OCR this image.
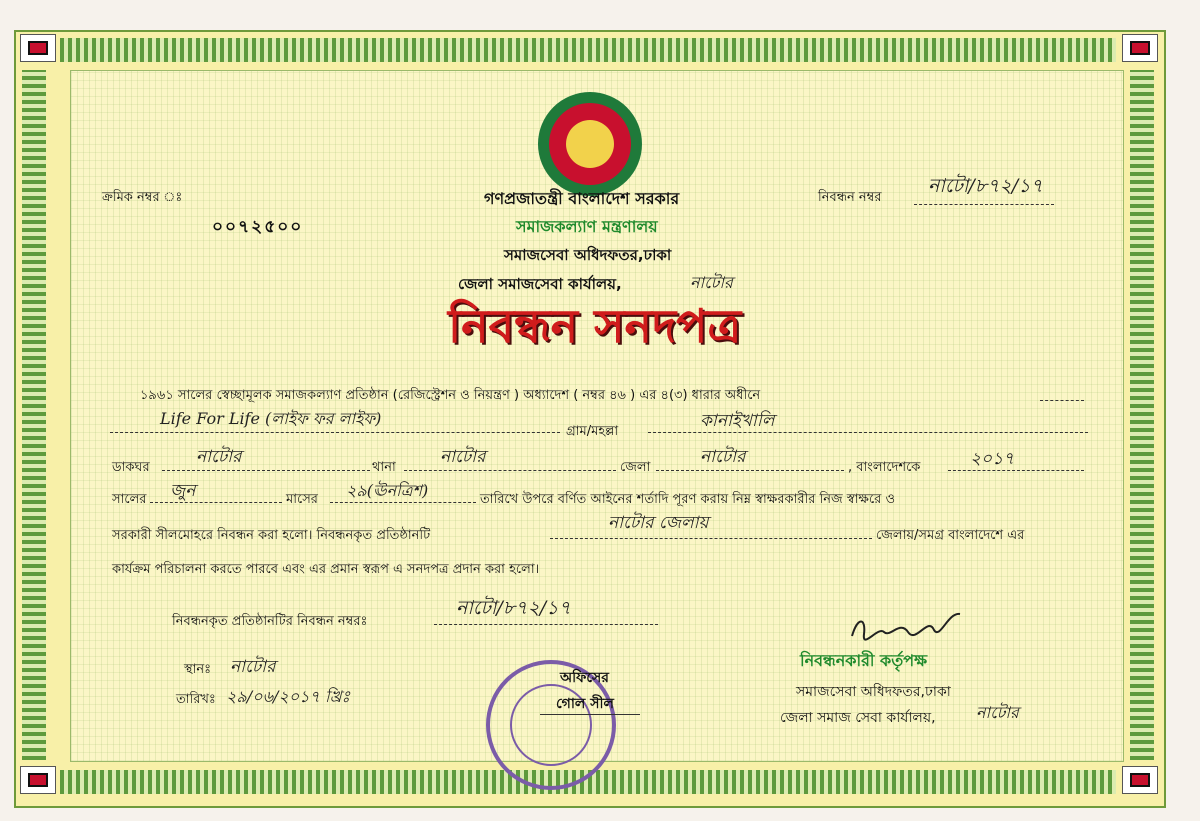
ক্রমিক নম্বর ঃ
০০৭২৫০০
নিবন্ধন নম্বর
নাটো/৮৭২/১৭
গণপ্রজাতন্ত্রী বাংলাদেশ সরকার
সমাজকল্যাণ মন্ত্রণালয়
সমাজসেবা অধিদফতর,ঢাকা
জেলা সমাজসেবা কার্যালয়,	নাটোর
নিবন্ধন সনদপত্র
১৯৬১ সালের স্বেচ্ছামূলক সমাজকল্যাণ প্রতিষ্ঠান (রেজিস্ট্রেশন ও নিয়ন্ত্রণ ) অধ্যাদেশ ( নম্বর ৪৬ ) এর ৪(৩) ধারার অধীনে
Life For Life (লাইফ ফর লাইফ)
গ্রাম/মহল্লা
কানাইখালি
ডাকঘর
নাটোর
থানা
নাটোর
জেলা
নাটোর
, বাংলাদেশকে	২০১৭
সালের জুন	মাসের ২৯(ঊনত্রিশ)	তারিখে উপরে বর্ণিত আইনের শর্তাদি পূরণ করায় নিম্ন স্বাক্ষরকারীর নিজ স্বাক্ষরে ও
সরকারী সীলমোহরে নিবন্ধন করা হলো। নিবন্ধনকৃত প্রতিষ্ঠানটি
নাটোর জেলায়
জেলায়/সমগ্র বাংলাদেশে এর
কার্যক্রম পরিচালনা করতে পারবে এবং এর প্রমান স্বরূপ এ সনদপত্র প্রদান করা হলো।
নিবন্ধনকৃত প্রতিষ্ঠানটির নিবন্ধন নম্বরঃ
নাটো/৮৭২/১৭
স্থানঃ নাটোর
তারিখঃ ২৯/০৬/২০১৭ খ্রিঃ
অফিসের
গোল সীল
নিবন্ধনকারী কর্তৃপক্ষ
সমাজসেবা অধিদফতর,ঢাকা
জেলা সমাজ সেবা কার্যালয়,	নাটোর
